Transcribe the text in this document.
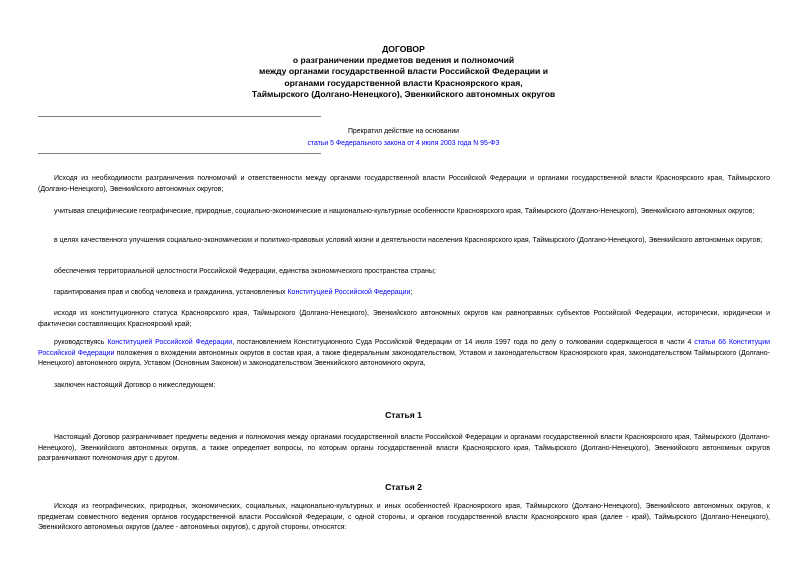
ДОГОВОР
о разграничении предметов ведения и полномочий
между органами государственной власти Российской Федерации и
органами государственной власти Красноярского края,
Таймырского (Долгано-Ненецкого), Эвенкийского автономных округов
Прекратил действие на основании
статьи 5 Федерального закона от 4 июля 2003 года N 95-ФЗ
Исходя из необходимости разграничения полномочий и ответственности между органами государственной власти Российской Федерации и органами государственной власти Красноярского края, Таймырского (Долгано-Ненецкого), Эвенкийского автономных округов;
учитывая специфические географические, природные, социально-экономические и национально-культурные особенности Красноярского края, Таймырского (Долгано-Ненецкого), Эвенкийского автономных округов;
в целях качественного улучшения социально-экономических и политико-правовых условий жизни и деятельности населения Красноярского края, Таймырского (Долгано-Ненецкого), Эвенкийского автономных округов;
обеспечения территориальной целостности Российской Федерации, единства экономического пространства страны;
гарантирования прав и свобод человека и гражданина, установленных Конституцией Российской Федерации;
исходя из конституционного статуса Красноярского края, Таймырского (Долгано-Ненецкого), Эвенкийского автономных округов как равноправных субъектов Российской Федерации, исторически, юридически и фактически составляющих Красноярский край;
руководствуясь Конституцией Российской Федерации, постановлением Конституционного Суда Российской Федерации от 14 июля 1997 года по делу о толковании содержащегося в части 4 статьи 66 Конституции Российской Федерации положения о вхождении автономных округов в состав края, а также федеральным законодательством, Уставом и законодательством Красноярского края, законодательством Таймырского (Долгано-Ненецкого) автономного округа, Уставом (Основным Законом) и законодательством Эвенкийского автономного округа,
заключен настоящий Договор о нижеследующем:
Статья 1
Настоящий Договор разграничивает предметы ведения и полномочия между органами государственной власти Российской Федерации и органами государственной власти Красноярского края, Таймырского (Долгано-Ненецкого), Эвенкийского автономных округов, а также определяет вопросы, по которым органы государственной власти Красноярского края, Таймырского (Долгано-Ненецкого), Эвенкийского автономных округов разграничивают полномочия друг с другом.
Статья 2
Исходя из географических, природных, экономических, социальных, национально-культурных и иных особенностей Красноярского края, Таймырского (Долгано-Ненецкого), Эвенкийского автономных округов, к предметам совместного ведения органов государственной власти Российской Федерации, с одной стороны, и органов государственной власти Красноярского края (далее - край), Таймырского (Долгано-Ненецкого), Эвенкийского автономных округов (далее - автономных округов), с другой стороны, относятся:
